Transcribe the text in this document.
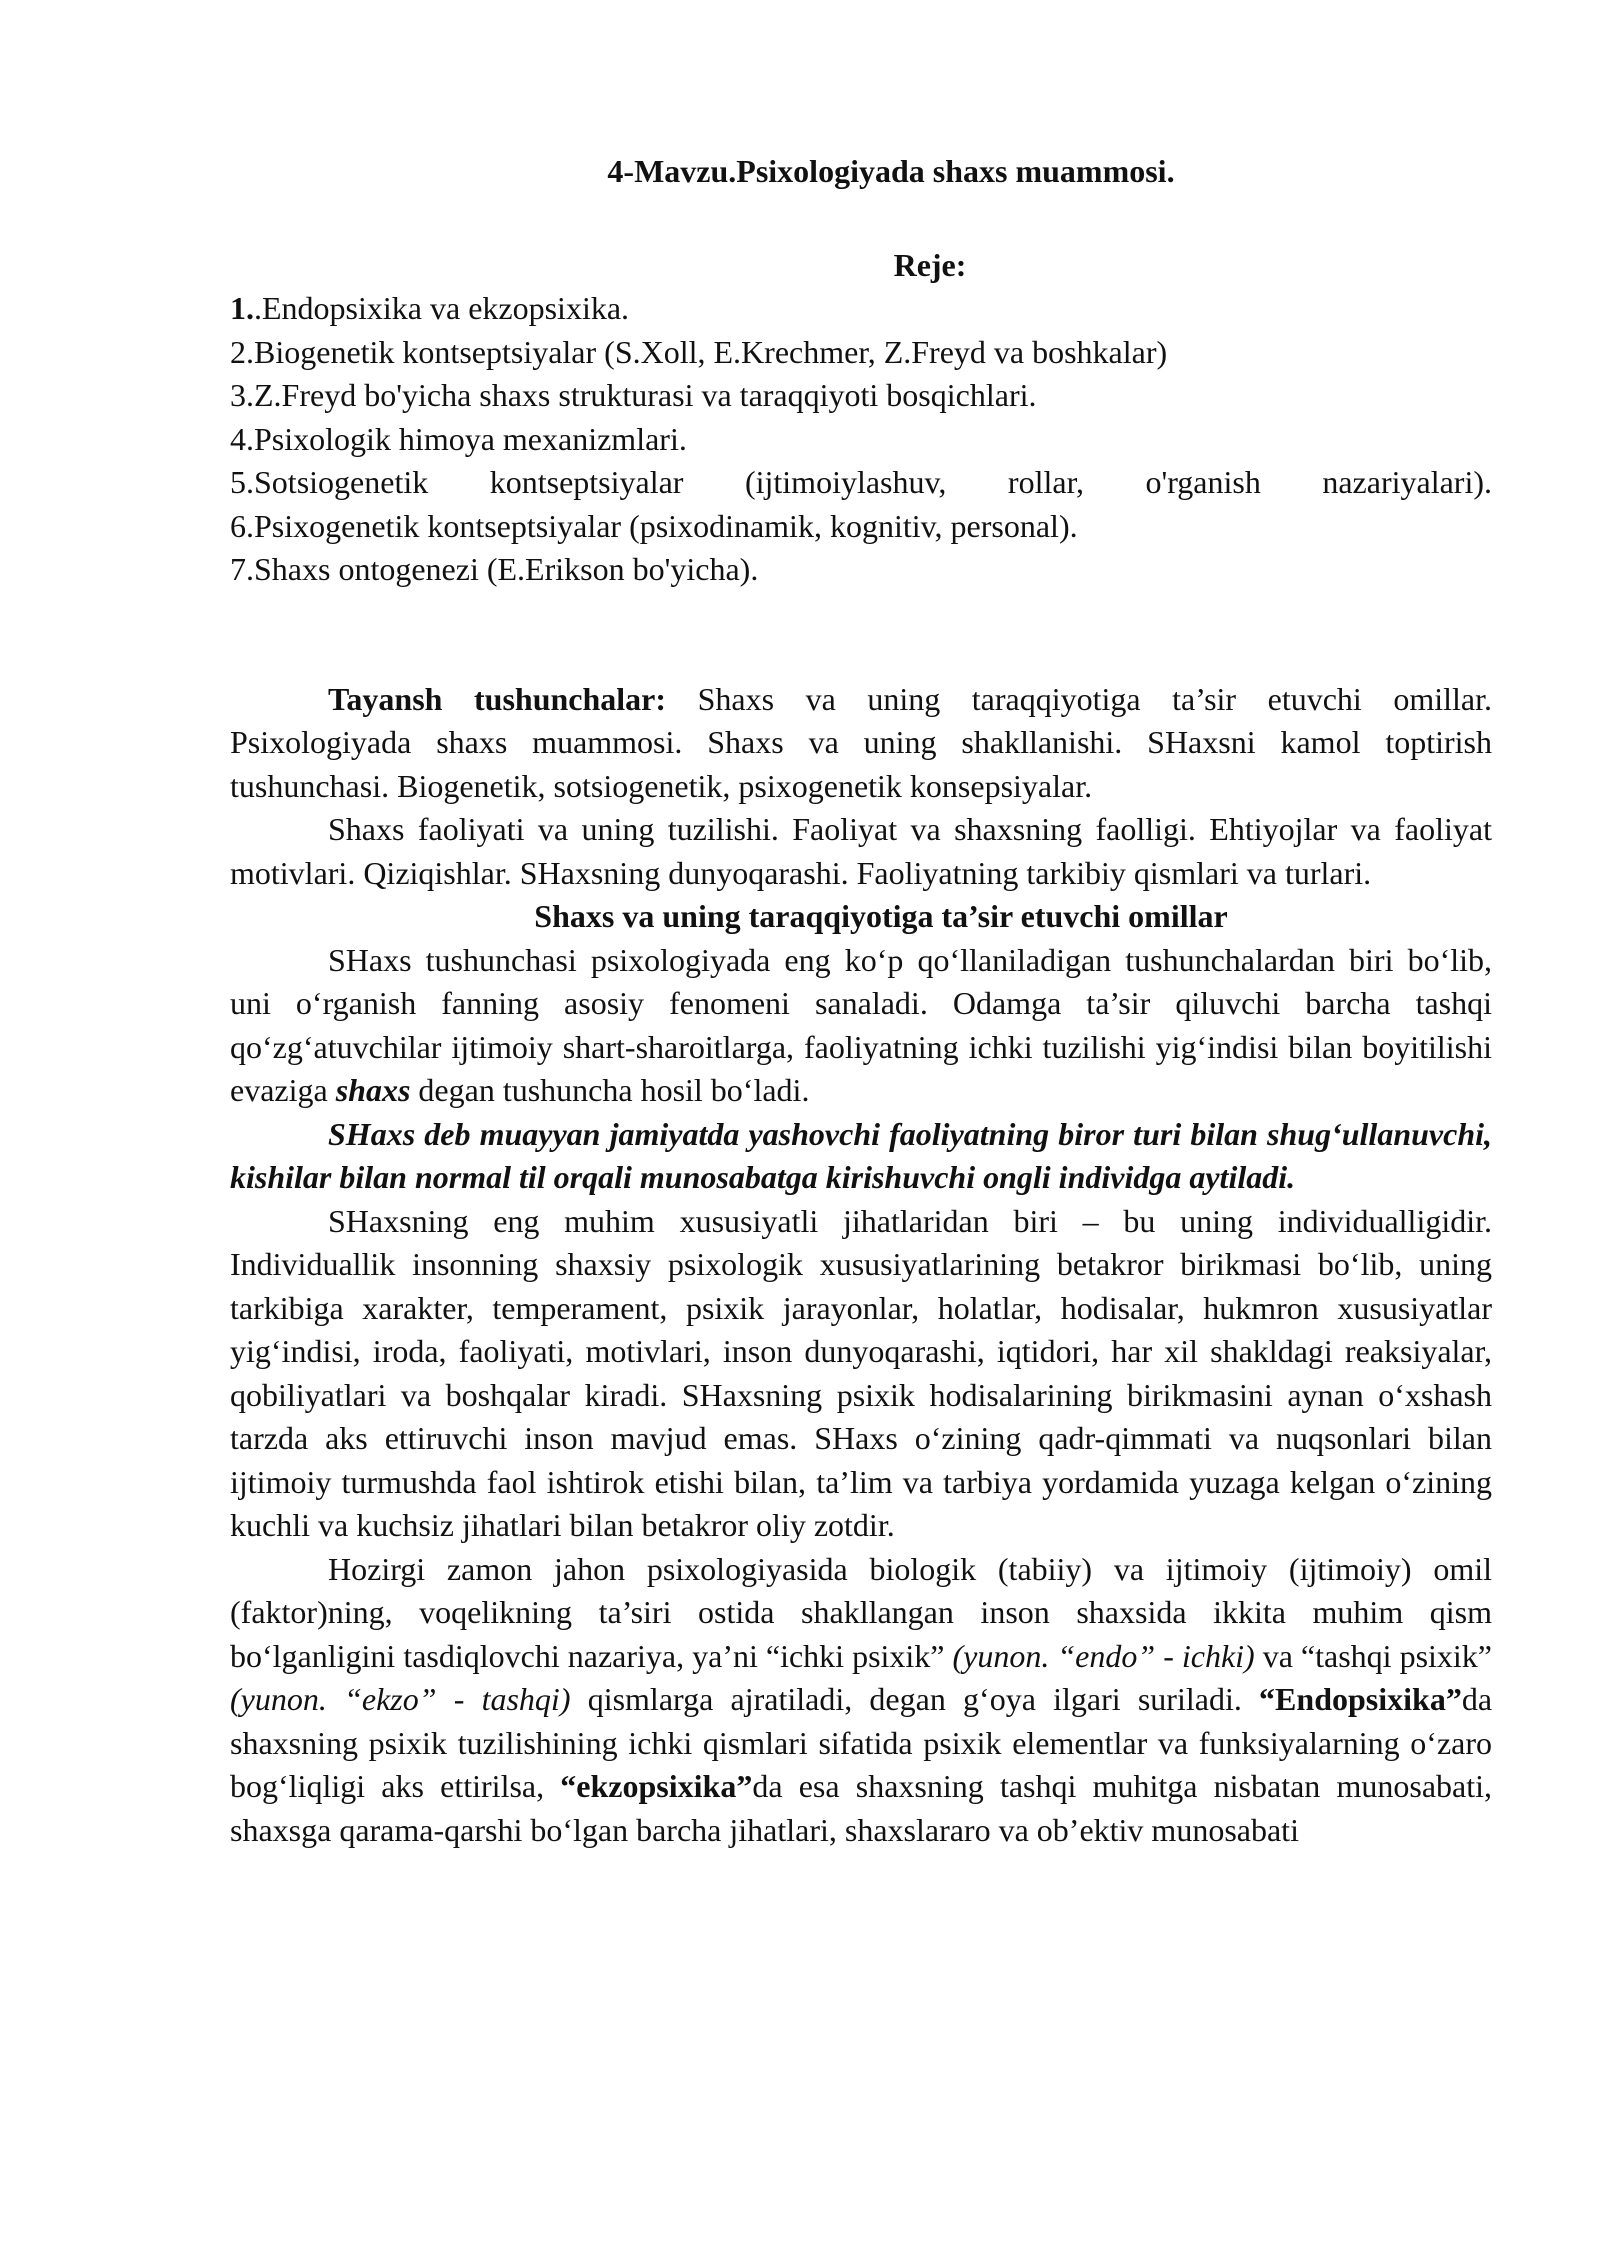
4-Mavzu.Psixologiyada shaxs muammosi.

Reje:

1..Endopsixika va ekzopsixika.

2.Biogenetik kontseptsiyalar (S.Xoll, E.Krechmer, Z.Freyd va boshkalar)

3.Z.Freyd bo'yicha shaxs strukturasi va taraqqiyoti bosqichlari.

4.Psixologik himoya mexanizmlari.

5.Sotsiogenetik kontseptsiyalar (ijtimoiylashuv, rollar, o'rganish nazariyalari).

6.Psixogenetik kontseptsiyalar (psixodinamik, kognitiv, personal).

7.Shaxs ontogenezi (E.Erikson bo'yicha).

Tayansh tushunchalar: Shaxs va uning taraqqiyotiga ta’sir etuvchi omillar. Psixologiyada shaxs muammosi. Shaxs va uning shakllanishi. SHaxsni kamol toptirish tushunchasi. Biogenetik, sotsiogenetik, psixogenetik konsepsiyalar.

Shaxs faoliyati va uning tuzilishi. Faoliyat va shaxsning faolligi. Ehtiyojlar va faoliyat motivlari. Qiziqishlar. SHaxsning dunyoqarashi. Faoliyatning tarkibiy qismlari va turlari.

Shaxs va uning taraqqiyotiga ta’sir etuvchi omillar

SHaxs tushunchasi psixologiyada eng ko‘p qo‘llaniladigan tushunchalardan biri bo‘lib, uni o‘rganish fanning asosiy fenomeni sanaladi. Odamga ta’sir qiluvchi barcha tashqi qo‘zg‘atuvchilar ijtimoiy shart-sharoitlarga, faoliyatning ichki tuzilishi yig‘indisi bilan boyitilishi evaziga shaxs degan tushuncha hosil bo‘ladi.

SHaxs deb muayyan jamiyatda yashovchi faoliyatning biror turi bilan shug‘ullanuvchi, kishilar bilan normal til orqali munosabatga kirishuvchi ongli individga aytiladi.

SHaxsning eng muhim xususiyatli jihatlaridan biri – bu uning individualligidir. Individuallik insonning shaxsiy psixologik xususiyatlarining betakror birikmasi bo‘lib, uning tarkibiga xarakter, temperament, psixik jarayonlar, holatlar, hodisalar, hukmron xususiyatlar yig‘indisi, iroda, faoliyati, motivlari, inson dunyoqarashi, iqtidori, har xil shakldagi reaksiyalar, qobiliyatlari va boshqalar kiradi. SHaxsning psixik hodisalarining birikmasini aynan o‘xshash tarzda aks ettiruvchi inson mavjud emas. SHaxs o‘zining qadr-qimmati va nuqsonlari bilan ijtimoiy turmushda faol ishtirok etishi bilan, ta’lim va tarbiya yordamida yuzaga kelgan o‘zining kuchli va kuchsiz jihatlari bilan betakror oliy zotdir.

Hozirgi zamon jahon psixologiyasida biologik (tabiiy) va ijtimoiy (ijtimoiy) omil (faktor)ning, voqelikning ta’siri ostida shakllangan inson shaxsida ikkita muhim qism bo‘lganligini tasdiqlovchi nazariya, ya’ni “ichki psixik” (yunon. “endo” - ichki) va “tashqi psixik” (yunon. “ekzo” - tashqi) qismlarga ajratiladi, degan g‘oya ilgari suriladi. “Endopsixika”da shaxsning psixik tuzilishining ichki qismlari sifatida psixik elementlar va funksiyalarning o‘zaro bog‘liqligi aks ettirilsa, “ekzopsixika”da esa shaxsning tashqi muhitga nisbatan munosabati, shaxsga qarama-qarshi bo‘lgan barcha jihatlari, shaxslararo va ob’ektiv munosabati
